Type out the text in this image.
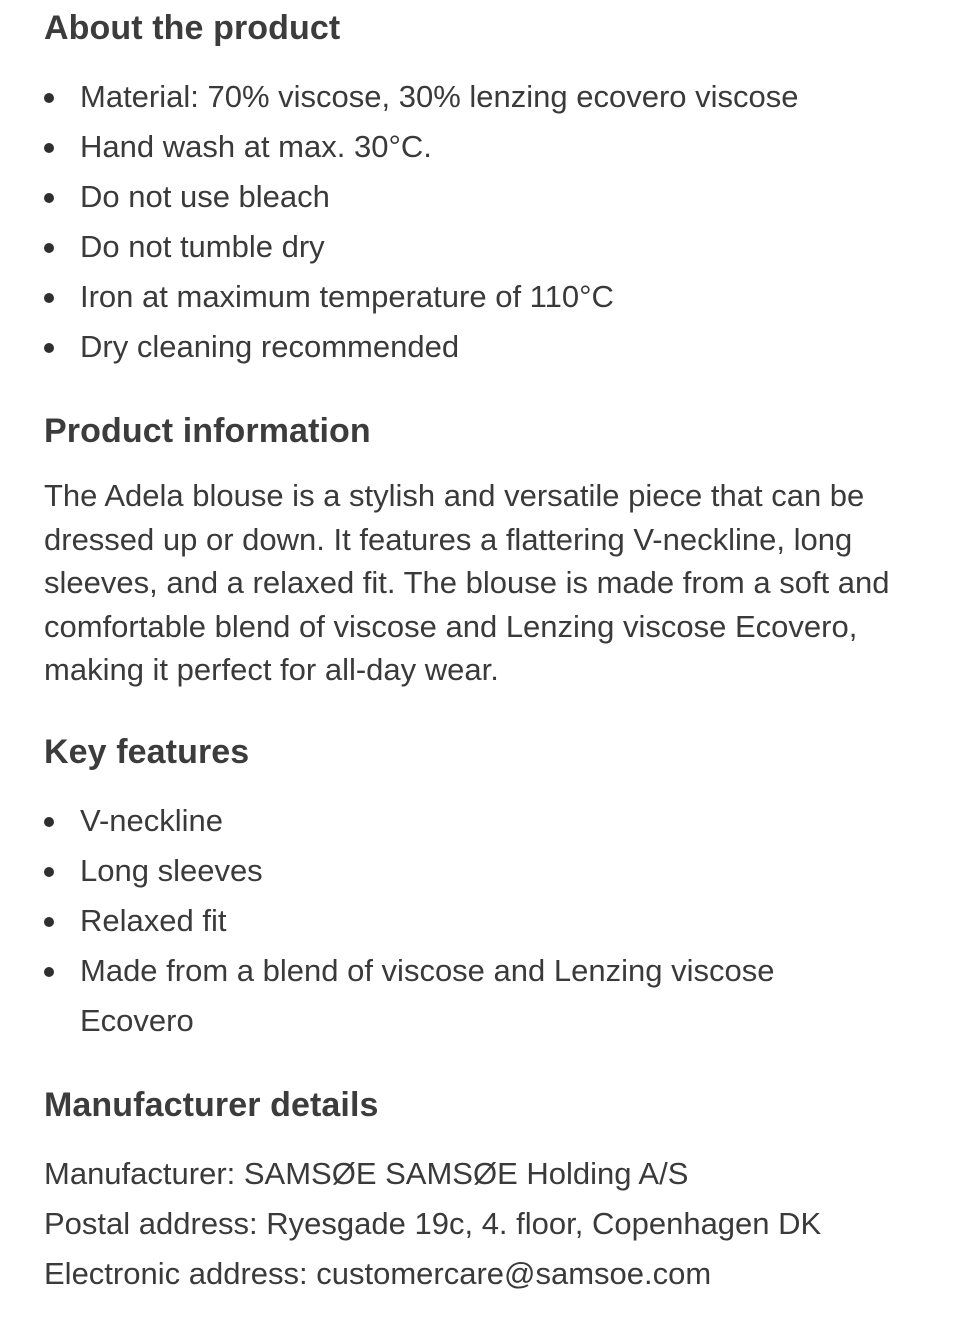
About the product
Material: 70% viscose, 30% lenzing ecovero viscose
Hand wash at max. 30°C.
Do not use bleach
Do not tumble dry
Iron at maximum temperature of 110°C
Dry cleaning recommended
Product information

The Adela blouse is a stylish and versatile piece that can be dressed up or down. It features a flattering V-neckline, long sleeves, and a relaxed fit. The blouse is made from a soft and comfortable blend of viscose and Lenzing viscose Ecovero, making it perfect for all-day wear.

Key features
V-neckline
Long sleeves
Relaxed fit
Made from a blend of viscose and Lenzing viscose Ecovero
Manufacturer details
Manufacturer: SAMSØE SAMSØE Holding A/S
Postal address: Ryesgade 19c, 4. floor, Copenhagen DK
Electronic address: customercare@samsoe.com
